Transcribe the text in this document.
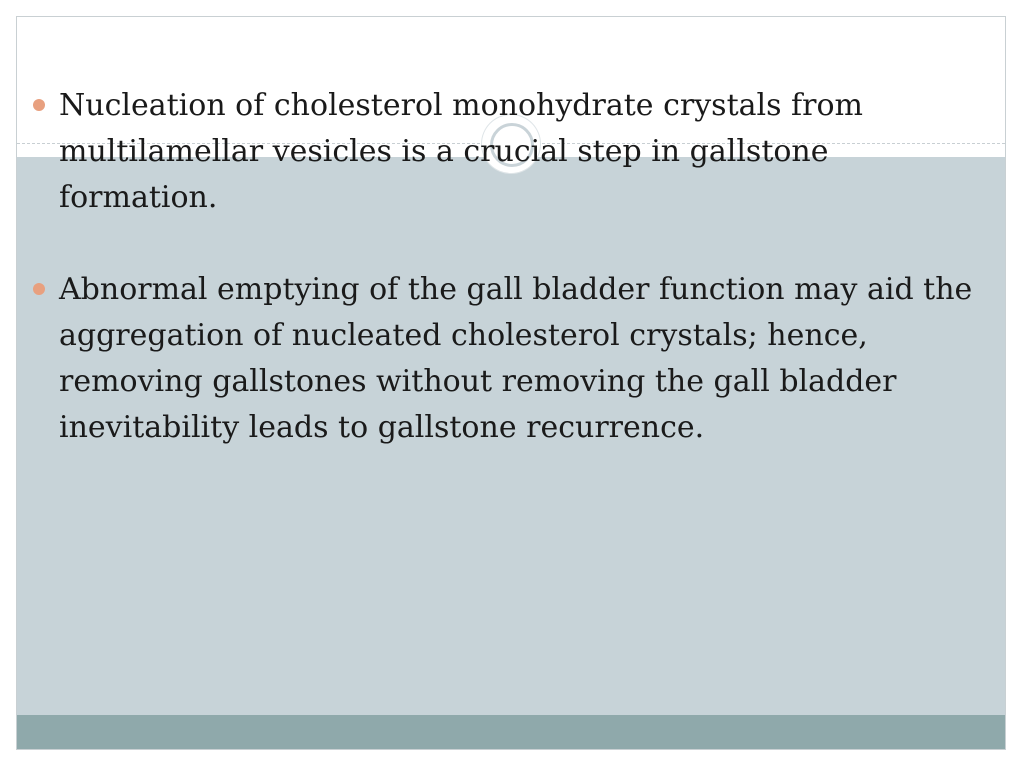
Nucleation of cholesterol monohydrate crystals from multilamellar vesicles is a crucial step in gallstone formation.
Abnormal emptying of the gall bladder function may aid the aggregation of nucleated cholesterol crystals; hence, removing gallstones without removing the gall bladder inevitability leads to gallstone recurrence.
